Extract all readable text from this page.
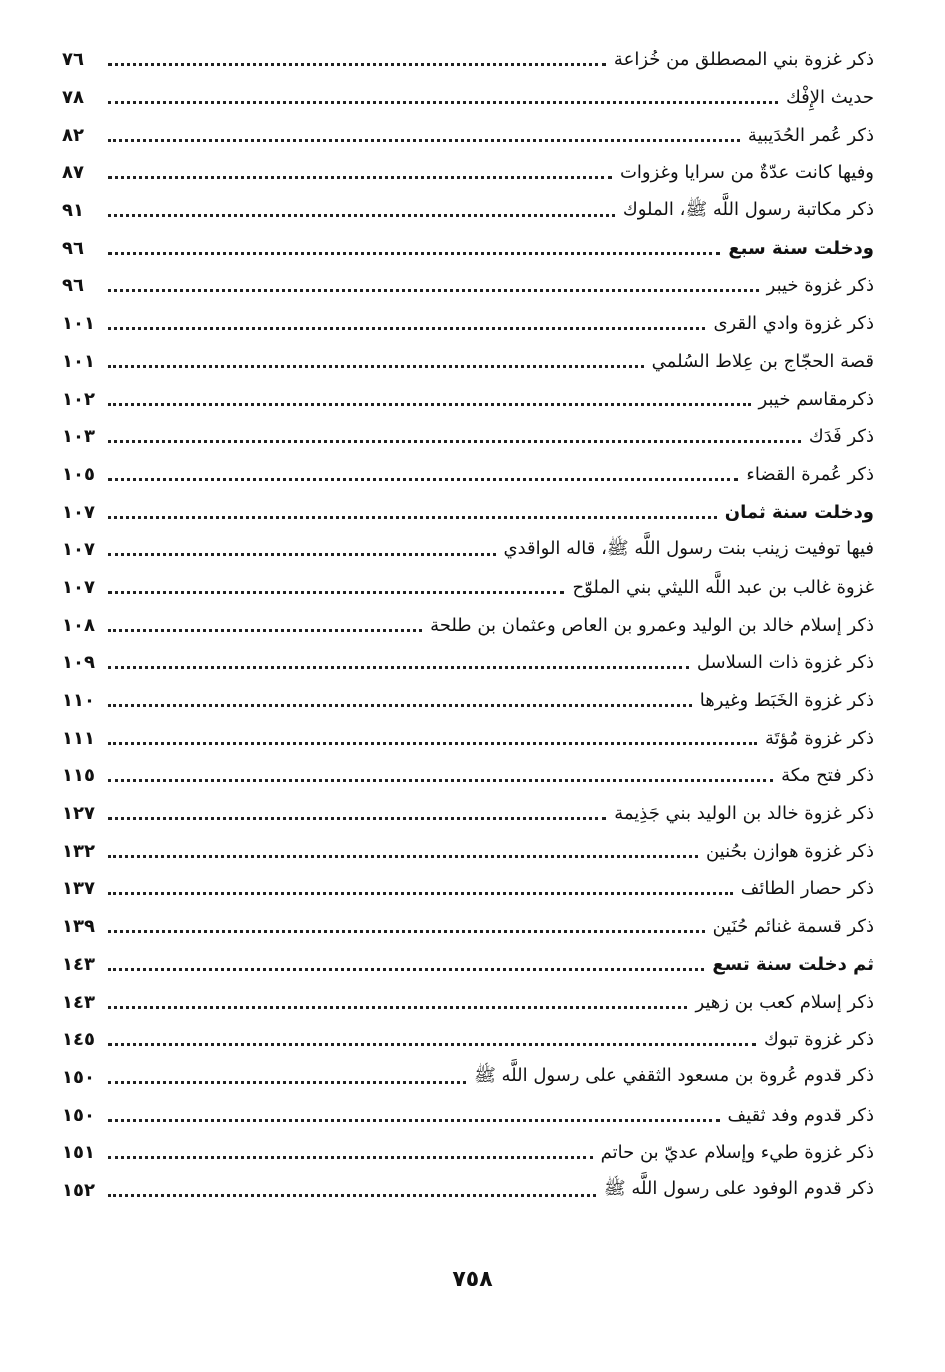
ذكر غزوة بني المصطلق من خُزاعة
٧٦
حديث الإِفْك
٧٨
ذكر عُمر الحُدَيبية
٨٢
وفيها كانت عدّةٌ من سرايا وغزوات
٨٧
ذكر مكاتبة رسول اللَّه ﷺ، الملوك
٩١
ودخلت سنة سبع
٩٦
ذكر غزوة خيبر
٩٦
ذكر غزوة وادي القرى
١٠١
قصة الحجّاج بن عِلاط السُلمي
١٠١
ذكرمقاسم خيبر
١٠٢
ذكر فَدَك
١٠٣
ذكر عُمرة القضاء
١٠٥
ودخلت سنة ثمان
١٠٧
فيها توفيت زينب بنت رسول اللَّه ﷺ، قاله الواقدي
١٠٧
غزوة غالب بن عبد اللَّه الليثي بني الملوّح
١٠٧
ذكر إسلام خالد بن الوليد وعمرو بن العاص وعثمان بن طلحة
١٠٨
ذكر غزوة ذات السلاسل
١٠٩
ذكر غزوة الخَبَط وغيرها
١١٠
ذكر غزوة مُؤتَة
١١١
ذكر فتح مكة
١١٥
ذكر غزوة خالد بن الوليد بني جَذِيمة
١٢٧
ذكر غزوة هوازن بحُنين
١٣٢
ذكر حصار الطائف
١٣٧
ذكر قسمة غنائم حُنَين
١٣٩
ثم دخلت سنة تسع
١٤٣
ذكر إسلام كعب بن زهير
١٤٣
ذكر غزوة تبوك
١٤٥
ذكر قدوم عُروة بن مسعود الثقفي على رسول اللَّه ﷺ
١٥٠
ذكر قدوم وفد ثقيف
١٥٠
ذكر غزوة طيء وإسلام عديّ بن حاتم
١٥١
ذكر قدوم الوفود على رسول اللَّه ﷺ
١٥٢
٧٥٨
